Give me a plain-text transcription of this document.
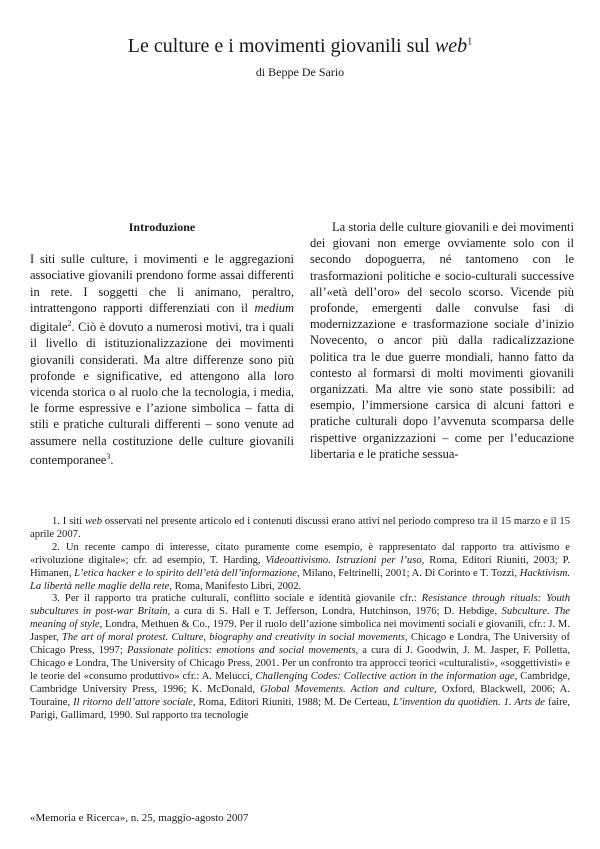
Le culture e i movimenti giovanili sul web$^1$
di Beppe De Sario
Introduzione

I siti sulle culture, i movimenti e le aggregazioni associative giovanili prendono forme assai differenti in rete. I soggetti che li animano, peraltro, intrattengono rapporti differenziati con il medium digitale$^2$. Ciò è dovuto a numerosi motivi, tra i quali il livello di istituzionalizzazione dei movimenti giovanili considerati. Ma altre differenze sono più profonde e significative, ed attengono alla loro vicenda storica o al ruolo che la tecnologia, i media, le forme espressive e l’azione simbolica – fatta di stili e pratiche culturali differenti – sono venute ad assumere nella costituzione delle culture giovanili contemporanee$^3$.

La storia delle culture giovanili e dei movimenti dei giovani non emerge ovviamente solo con il secondo dopoguerra, né tantomeno con le trasformazioni politiche e socio-culturali successive all’«età dell’oro» del secolo scorso. Vicende più profonde, emergenti dalle convulse fasi di modernizzazione e trasformazione sociale d’inizio Novecento, o ancor più dalla radicalizzazione politica tra le due guerre mondiali, hanno fatto da contesto al formarsi di molti movimenti giovanili organizzati. Ma altre vie sono state possibili: ad esempio, l’immersione carsica di alcuni fattori e pratiche culturali dopo l’avvenuta scomparsa delle rispettive organizzazioni – come per l’educazione libertaria e le pratiche sessua-

1. I siti web osservati nel presente articolo ed i contenuti discussi erano attivi nel periodo compreso tra il 15 marzo e il 15 aprile 2007.

2. Un recente campo di interesse, citato puramente come esempio, è rappresentato dal rapporto tra attivismo e «rivoluzione digitale»; cfr. ad esempio, T. Harding, Videoattivismo. Istruzioni per l’uso, Roma, Editori Riuniti, 2003; P. Himanen, L’etica hacker e lo spirito dell’età dell’informazione, Milano, Feltrinelli, 2001; A. Di Corinto e T. Tozzi, Hacktivism. La libertà nelle maglie della rete, Roma, Manifesto Libri, 2002.

3. Per il rapporto tra pratiche culturali, conflitto sociale e identità giovanile cfr.: Resistance through rituals: Youth subcultures in post-war Britain, a cura di S. Hall e T. Jefferson, Londra, Hutchinson, 1976; D. Hebdige, Subculture. The meaning of style, Londra, Methuen & Co., 1979. Per il ruolo dell’azione simbolica nei movimenti sociali e giovanili, cfr.: J. M. Jasper, The art of moral protest. Culture, biography and creativity in social movements, Chicago e Londra, The University of Chicago Press, 1997; Passionate politics: emotions and social movements, a cura di J. Goodwin, J. M. Jasper, F. Polletta, Chicago e Londra, The University of Chicago Press, 2001. Per un confronto tra approcci teorici «culturalisti», «soggettivisti» e le teorie del «consumo produttivo» cfr.: A. Melucci, Challenging Codes: Collective action in the information age, Cambridge, Cambridge University Press, 1996; K. McDonald, Global Movements. Action and culture, Oxford, Blackwell, 2006; A. Touraine, Il ritorno dell’attore sociale, Roma, Editori Riuniti, 1988; M. De Certeau, L’invention du quotidien. 1. Arts de faire, Parigi, Gallimard, 1990. Sul rapporto tra tecnologie

«Memoria e Ricerca», n. 25, maggio-agosto 2007
